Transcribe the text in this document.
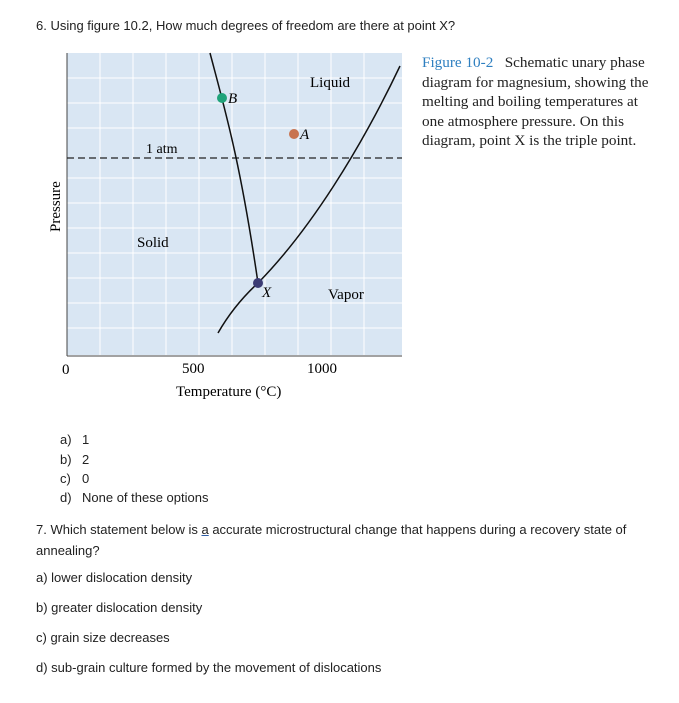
6. Using figure 10.2, How much degrees of freedom are there at point X?
B
A
X
Liquid
Solid
Vapor
1 atm
Pressure
0	500	1000
Temperature (°C)
Figure 10-2 Schematic unary phase diagram for magnesium, showing the melting and boiling temperatures at one atmosphere pressure. On this diagram, point X is the triple point.
a) 1
b) 2
c) 0
d) None of these options
7. Which statement below is a accurate microstructural change that happens during a recovery state of annealing?
a) lower dislocation density
b) greater dislocation density
c) grain size decreases
d) sub-grain culture formed by the movement of dislocations
